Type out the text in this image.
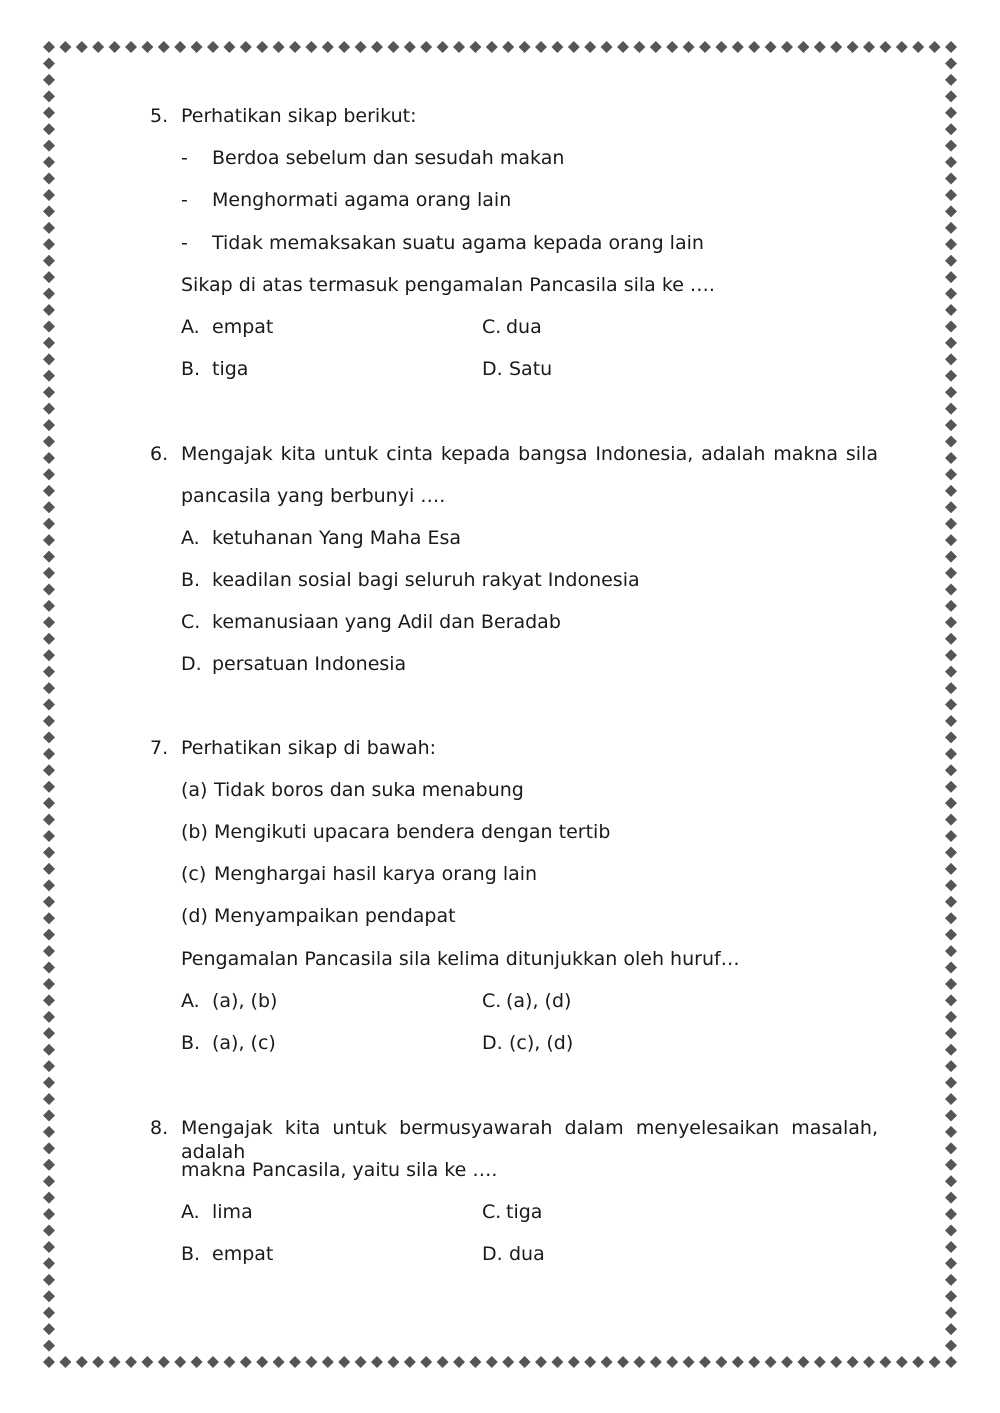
5. Perhatikan sikap berikut:
- Berdoa sebelum dan sesudah makan
- Menghormati agama orang lain
- Tidak memaksakan suatu agama kepada orang lain
Sikap di atas termasuk pengamalan Pancasila sila ke ….
A. empat
B. tiga
C. dua
D. Satu
6. Mengajak kita untuk cinta kepada bangsa Indonesia, adalah makna sila
pancasila yang berbunyi ….
A. ketuhanan Yang Maha Esa
B. keadilan sosial bagi seluruh rakyat Indonesia
C. kemanusiaan yang Adil dan Beradab
D. persatuan Indonesia
7. Perhatikan sikap di bawah:
(a) Tidak boros dan suka menabung
(b) Mengikuti upacara bendera dengan tertib
(c) Menghargai hasil karya orang lain
(d) Menyampaikan pendapat
Pengamalan Pancasila sila kelima ditunjukkan oleh huruf…
A. (a), (b)
B. (a), (c)
C. (a), (d)
D. (c), (d)
8. Mengajak kita untuk bermusyawarah dalam menyelesaikan masalah, adalah
makna Pancasila, yaitu sila ke ….
A. lima
B. empat
C. tiga
D. dua
